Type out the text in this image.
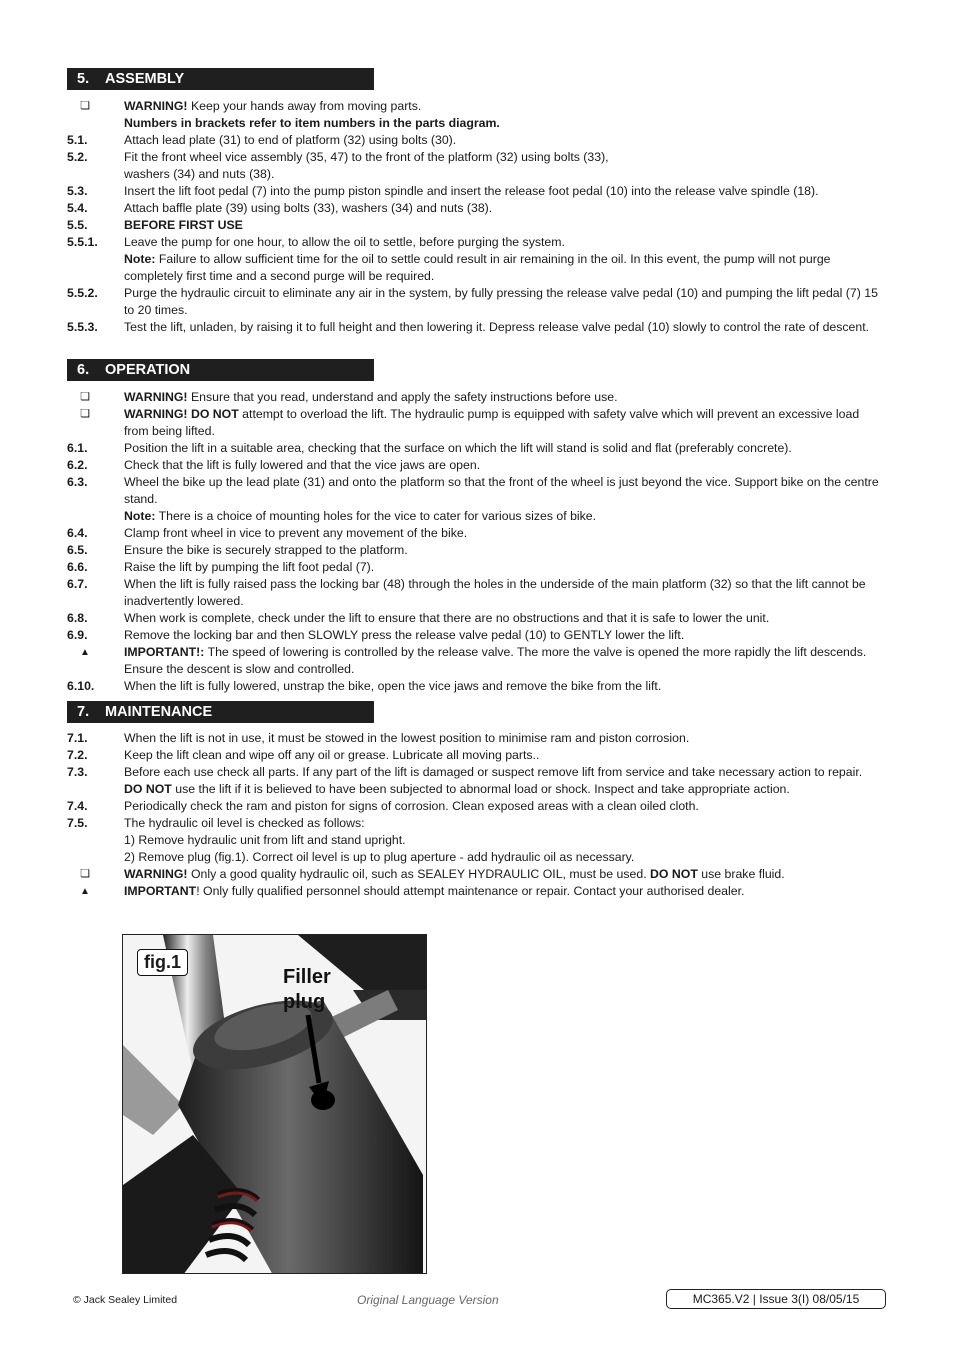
5. ASSEMBLY
❏	WARNING! Keep your hands away from moving parts.
Numbers in brackets refer to item numbers in the parts diagram.
5.1.	Attach lead plate (31) to end of platform (32) using bolts (30).
5.2.	Fit the front wheel vice assembly (35, 47) to the front of the platform (32) using bolts (33),
washers (34) and nuts (38).
5.3.	Insert the lift foot pedal (7) into the pump piston spindle and insert the release foot pedal (10) into the release valve spindle (18).
5.4.	Attach baffle plate (39) using bolts (33), washers (34) and nuts (38).
5.5.	BEFORE FIRST USE
5.5.1.	Leave the pump for one hour, to allow the oil to settle, before purging the system.
Note: Failure to allow sufficient time for the oil to settle could result in air remaining in the oil. In this event, the pump will not purge completely first time and a second purge will be required.
5.5.2.	Purge the hydraulic circuit to eliminate any air in the system, by fully pressing the release valve pedal (10) and pumping the lift pedal (7) 15 to 20 times.
5.5.3.	Test the lift, unladen, by raising it to full height and then lowering it. Depress release valve pedal (10) slowly to control the rate of descent.
6. OPERATION
❏	WARNING! Ensure that you read, understand and apply the safety instructions before use.
❏	WARNING! DO NOT attempt to overload the lift. The hydraulic pump is equipped with safety valve which will prevent an excessive load from being lifted.
6.1.	Position the lift in a suitable area, checking that the surface on which the lift will stand is solid and flat (preferably concrete).
6.2.	Check that the lift is fully lowered and that the vice jaws are open.
6.3.	Wheel the bike up the lead plate (31) and onto the platform so that the front of the wheel is just beyond the vice. Support bike on the centre stand.
Note: There is a choice of mounting holes for the vice to cater for various sizes of bike.
6.4.	Clamp front wheel in vice to prevent any movement of the bike.
6.5.	Ensure the bike is securely strapped to the platform.
6.6.	Raise the lift by pumping the lift foot pedal (7).
6.7.	When the lift is fully raised pass the locking bar (48) through the holes in the underside of the main platform (32) so that the lift cannot be inadvertently lowered.
6.8.	When work is complete, check under the lift to ensure that there are no obstructions and that it is safe to lower the unit.
6.9.	Remove the locking bar and then SLOWLY press the release valve pedal (10) to GENTLY lower the lift.
▲	IMPORTANT!: The speed of lowering is controlled by the release valve. The more the valve is opened the more rapidly the lift descends.  Ensure the descent is slow and controlled.
6.10.	When the lift is fully lowered, unstrap the bike, open the vice jaws and remove the bike from the lift.
7. MAINTENANCE
7.1.	When the lift is not in use, it must be stowed in the lowest position to minimise ram and piston corrosion.
7.2.	Keep the lift clean and wipe off any oil or grease. Lubricate all moving parts..
7.3.	Before each use check all parts. If any part of the lift is damaged or suspect remove lift from service and take necessary action to repair.
DO NOT use the lift if it is believed to have been subjected to abnormal load or shock. Inspect and take appropriate action.
7.4.	Periodically check the ram and piston for signs of corrosion. Clean exposed areas with a clean oiled cloth.
7.5.	The hydraulic oil level is checked as follows:
1) Remove hydraulic unit from lift and stand upright.
2) Remove plug (fig.1). Correct oil level is up to plug aperture - add hydraulic oil as necessary.
❏	WARNING! Only a good quality hydraulic oil, such as SEALEY HYDRAULIC OIL, must be used. DO NOT use brake fluid.
▲	IMPORTANT! Only fully qualified personnel should attempt maintenance or repair. Contact your authorised dealer.
fig.1
Filler
plug
© Jack Sealey Limited	Original Language Version	MC365.V2 | Issue 3(I) 08/05/15
